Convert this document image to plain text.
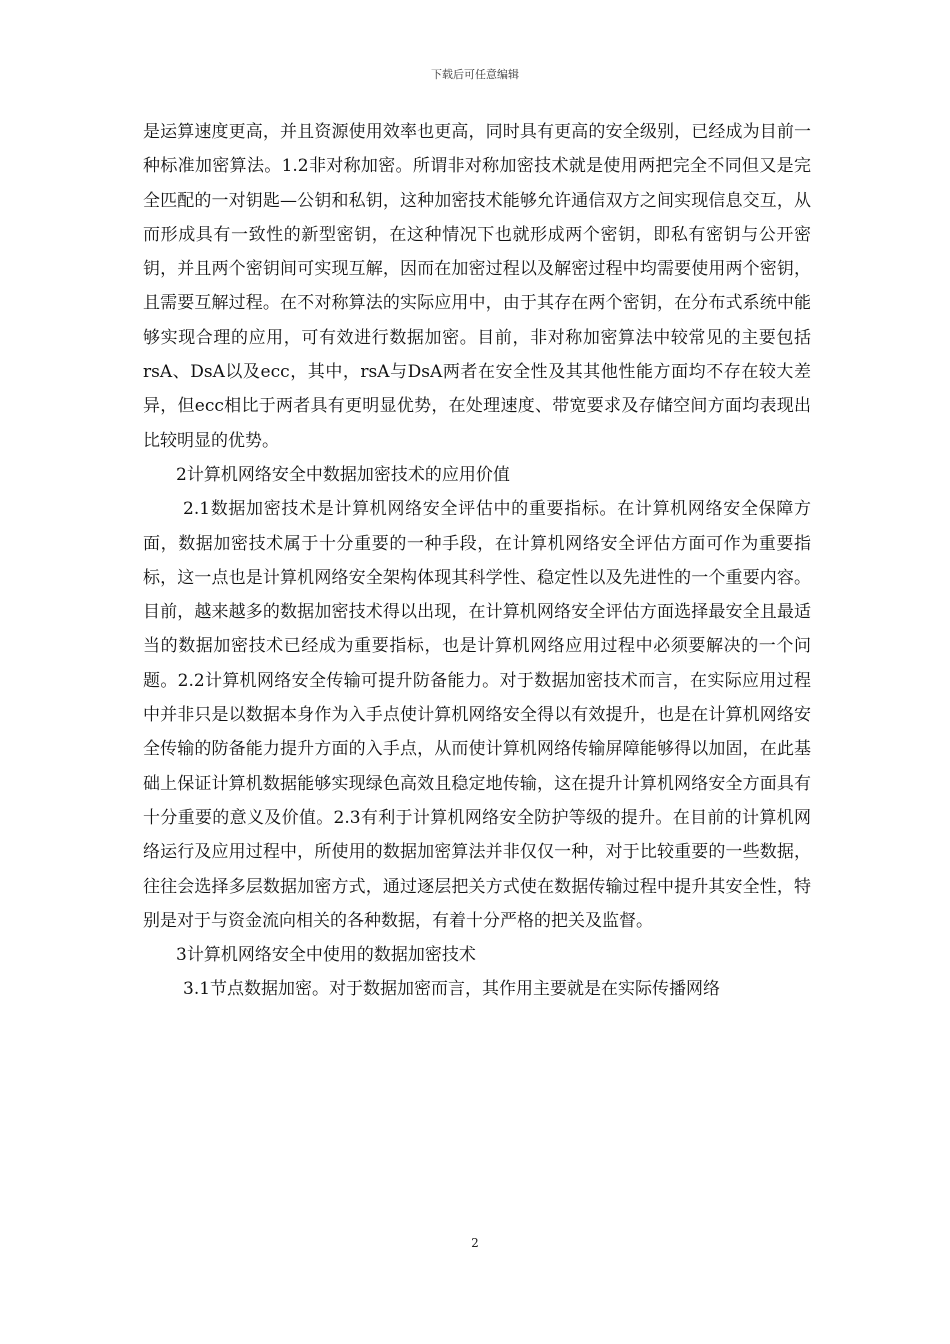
下载后可任意编辑

是运算速度更高，并且资源使用效率也更高，同时具有更高的安全级别，已经成为目前一种标准加密算法。1.2非对称加密。所谓非对称加密技术就是使用两把完全不同但又是完全匹配的一对钥匙—公钥和私钥，这种加密技术能够允许通信双方之间实现信息交互，从而形成具有一致性的新型密钥，在这种情况下也就形成两个密钥，即私有密钥与公开密钥，并且两个密钥间可实现互解，因而在加密过程以及解密过程中均需要使用两个密钥，且需要互解过程。在不对称算法的实际应用中，由于其存在两个密钥，在分布式系统中能够实现合理的应用，可有效进行数据加密。目前，非对称加密算法中较常见的主要包括rsA、DsA以及ecc，其中，rsA与DsA两者在安全性及其其他性能方面均不存在较大差异，但ecc相比于两者具有更明显优势，在处理速度、带宽要求及存储空间方面均表现出比较明显的优势。

2计算机网络安全中数据加密技术的应用价值

2.1数据加密技术是计算机网络安全评估中的重要指标。在计算机网络安全保障方面，数据加密技术属于十分重要的一种手段，在计算机网络安全评估方面可作为重要指标，这一点也是计算机网络安全架构体现其科学性、稳定性以及先进性的一个重要内容。目前，越来越多的数据加密技术得以出现，在计算机网络安全评估方面选择最安全且最适当的数据加密技术已经成为重要指标，也是计算机网络应用过程中必须要解决的一个问题。2.2计算机网络安全传输可提升防备能力。对于数据加密技术而言，在实际应用过程中并非只是以数据本身作为入手点使计算机网络安全得以有效提升，也是在计算机网络安全传输的防备能力提升方面的入手点，从而使计算机网络传输屏障能够得以加固，在此基础上保证计算机数据能够实现绿色高效且稳定地传输，这在提升计算机网络安全方面具有十分重要的意义及价值。2.3有利于计算机网络安全防护等级的提升。在目前的计算机网络运行及应用过程中，所使用的数据加密算法并非仅仅一种，对于比较重要的一些数据，往往会选择多层数据加密方式，通过逐层把关方式使在数据传输过程中提升其安全性，特别是对于与资金流向相关的各种数据，有着十分严格的把关及监督。

3计算机网络安全中使用的数据加密技术

3.1节点数据加密。对于数据加密而言，其作用主要就是在实际传播网络

2
